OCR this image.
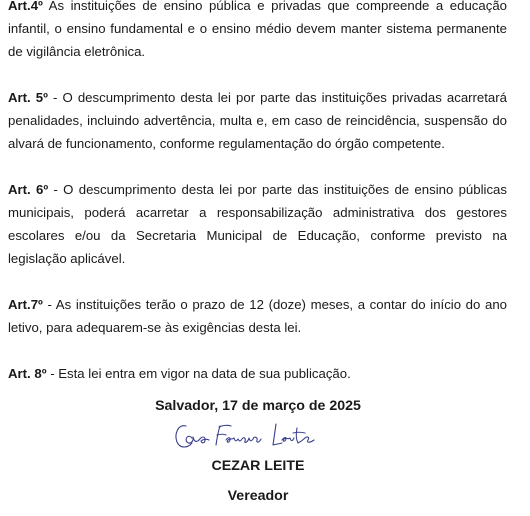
Art.4º As instituições de ensino pública e privadas que compreende a educação infantil, o ensino fundamental e o ensino médio devem manter sistema permanente de vigilância eletrônica.

Art. 5º - O descumprimento desta lei por parte das instituições privadas acarretará penalidades, incluindo advertência, multa e, em caso de reincidência, suspensão do alvará de funcionamento, conforme regulamentação do órgão competente.

Art. 6º - O descumprimento desta lei por parte das instituições de ensino públicas municipais, poderá acarretar a responsabilização administrativa dos gestores escolares e/ou da Secretaria Municipal de Educação, conforme previsto na legislação aplicável.

Art.7º - As instituições terão o prazo de 12 (doze) meses, a contar do início do ano letivo, para adequarem-se às exigências desta lei.

Art. 8º - Esta lei entra em vigor na data de sua publicação.

Salvador, 17 de março de 2025
CEZAR LEITE
Vereador
